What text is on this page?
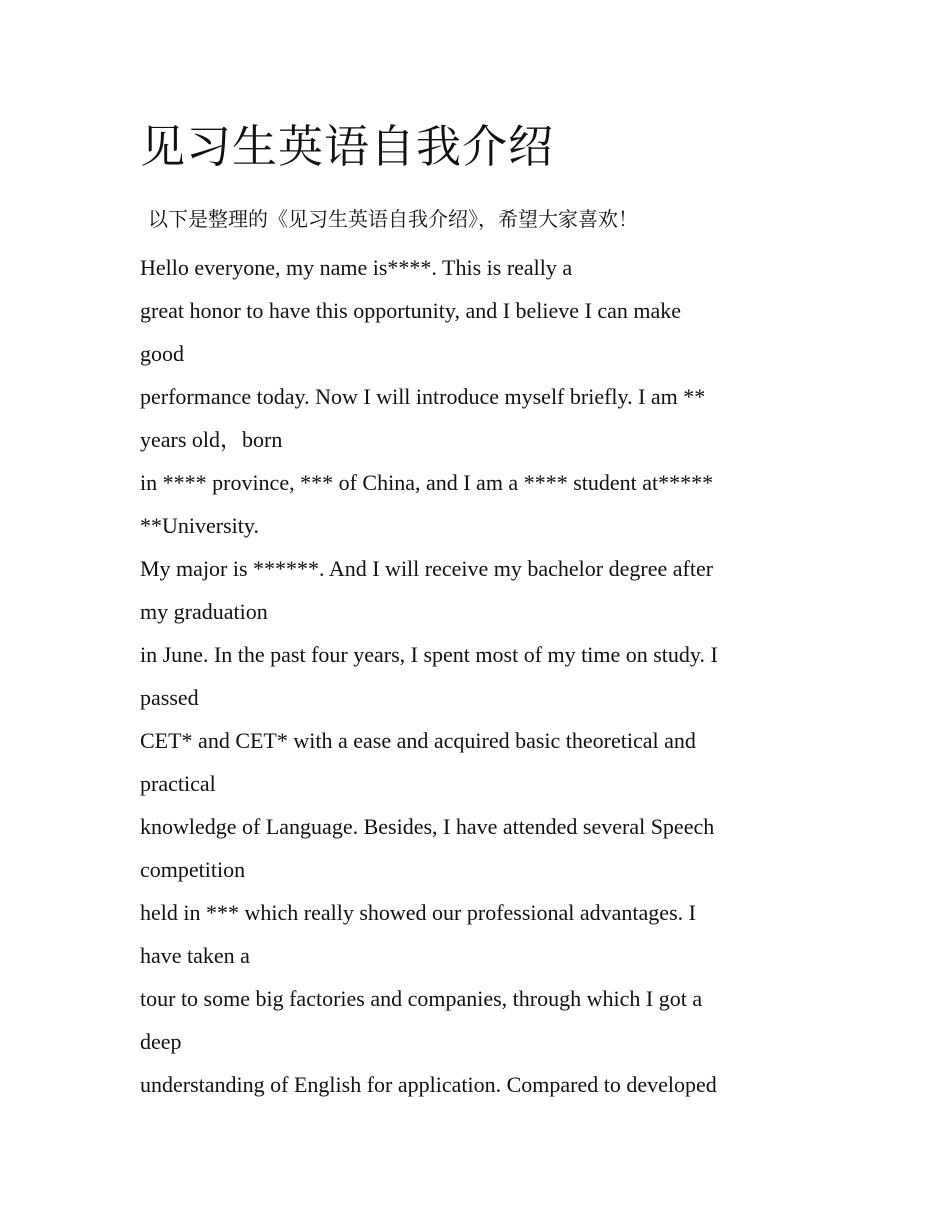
见习生英语自我介绍

以下是整理的《见习生英语自我介绍》，希望大家喜欢！

Hello everyone, my name is****. This is really a

great honor to have this opportunity, and I believe I can make

good

performance today. Now I will introduce myself briefly. I am **

years old，born

in **** province, *** of China, and I am a **** student at*****

**University.

My major is ******. And I will receive my bachelor degree after

my graduation

in June. In the past four years, I spent most of my time on study. I

passed

CET* and CET* with a ease and acquired basic theoretical and

practical

knowledge of Language. Besides, I have attended several Speech

competition

held in *** which really showed our professional advantages. I

have taken a

tour to some big factories and companies, through which I got a

deep

understanding of English for application. Compared to developed
